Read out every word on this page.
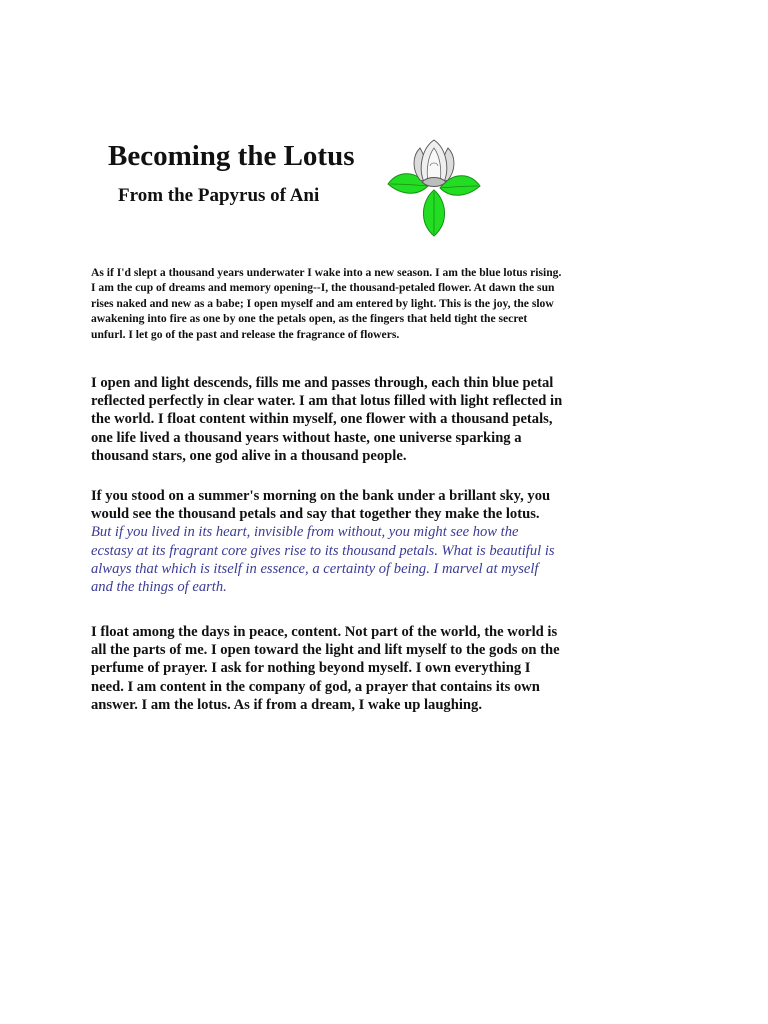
Becoming the Lotus
From the Papyrus of Ani

As if I'd slept a thousand years underwater I wake into a new season. I am the blue lotus rising. I am the cup of dreams and memory opening--I, the thousand-petaled flower. At dawn the sun rises naked and new as a babe; I open myself and am entered by light. This is the joy, the slow awakening into fire as one by one the petals open, as the fingers that held tight the secret unfurl. I let go of the past and release the fragrance of flowers.

I open and light descends, fills me and passes through, each thin blue petal reflected perfectly in clear water. I am that lotus filled with light reflected in the world. I float content within myself, one flower with a thousand petals, one life lived a thousand years without haste, one universe sparking a thousand stars, one god alive in a thousand people.

If you stood on a summer's morning on the bank under a brillant sky, you would see the thousand petals and say that together they make the lotus. But if you lived in its heart, invisible from without, you might see how the ecstasy at its fragrant core gives rise to its thousand petals. What is beautiful is always that which is itself in essence, a certainty of being. I marvel at myself and the things of earth.

I float among the days in peace, content. Not part of the world, the world is all the parts of me. I open toward the light and lift myself to the gods on the perfume of prayer. I ask for nothing beyond myself. I own everything I need. I am content in the company of god, a prayer that contains its own answer. I am the lotus. As if from a dream, I wake up laughing.
